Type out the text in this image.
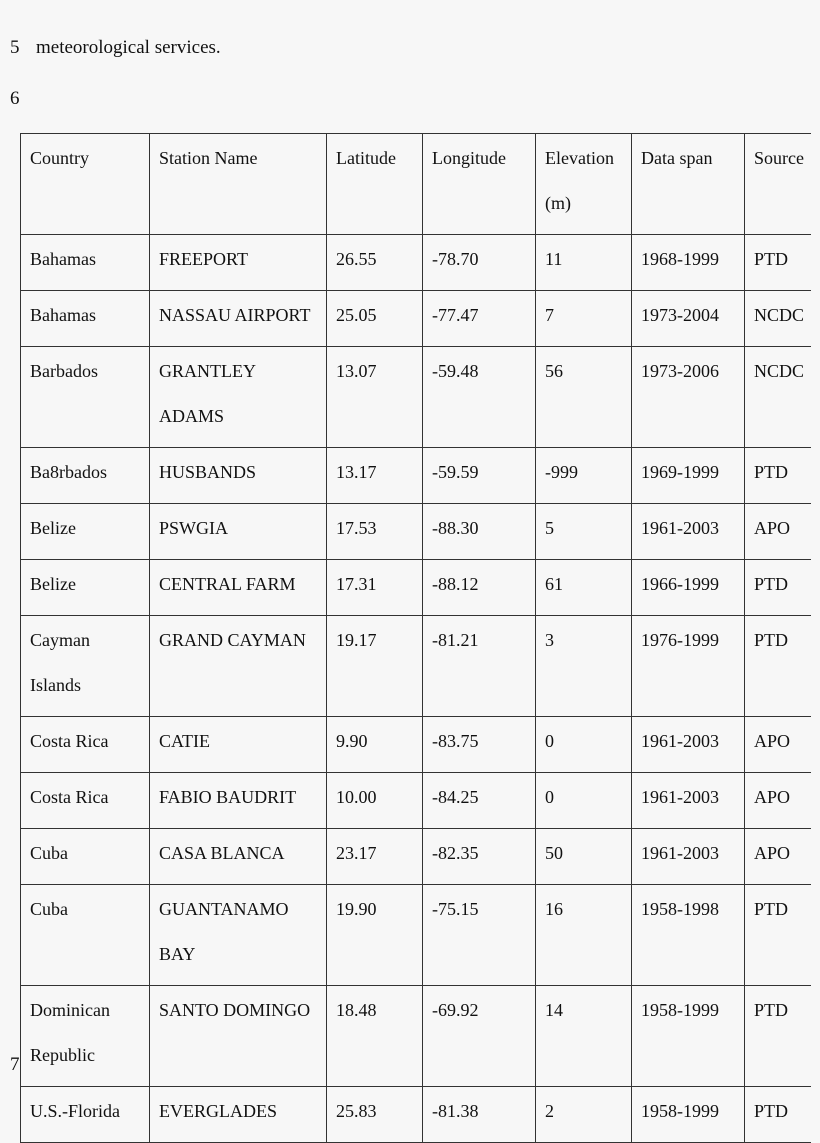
5 meteorological services.
6
Country	Station Name	Latitude	Longitude	Elevation (m)	Data span	Source
Bahamas	FREEPORT	26.55	-78.70	11	1968-1999	PTD
Bahamas	NASSAU AIRPORT	25.05	-77.47	7	1973-2004	NCDC
Barbados	GRANTLEY ADAMS	13.07	-59.48	56	1973-2006	NCDC
Ba8rbados	HUSBANDS	13.17	-59.59	-999	1969-1999	PTD
Belize	PSWGIA	17.53	-88.30	5	1961-2003	APO
Belize	CENTRAL FARM	17.31	-88.12	61	1966-1999	PTD
Cayman Islands	GRAND CAYMAN	19.17	-81.21	3	1976-1999	PTD
Costa Rica	CATIE	9.90	-83.75	0	1961-2003	APO
Costa Rica	FABIO BAUDRIT	10.00	-84.25	0	1961-2003	APO
Cuba	CASA BLANCA	23.17	-82.35	50	1961-2003	APO
Cuba	GUANTANAMO BAY	19.90	-75.15	16	1958-1998	PTD
Dominican Republic	SANTO DOMINGO	18.48	-69.92	14	1958-1999	PTD
U.S.-Florida	EVERGLADES	25.83	-81.38	2	1958-1999	PTD
7
